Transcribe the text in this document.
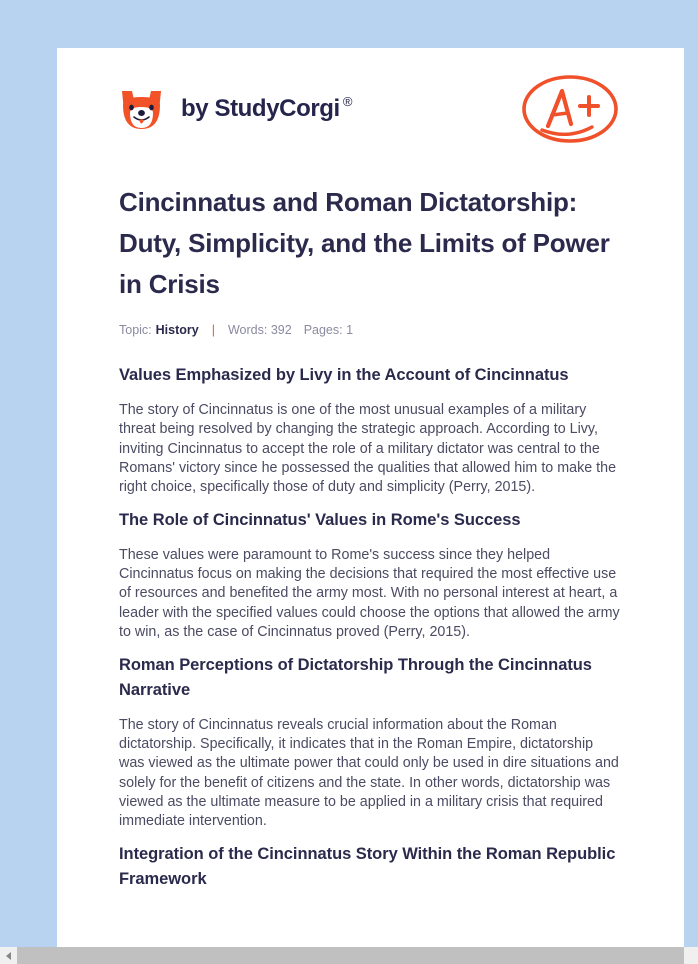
by StudyCorgi ®
Cincinnatus and Roman Dictatorship: Duty, Simplicity, and the Limits of Power in Crisis
Topic: History | Words: 392 Pages: 1
Values Emphasized by Livy in the Account of Cincinnatus

The story of Cincinnatus is one of the most unusual examples of a military threat being resolved by changing the strategic approach. According to Livy, inviting Cincinnatus to accept the role of a military dictator was central to the Romans' victory since he possessed the qualities that allowed him to make the right choice, specifically those of duty and simplicity (Perry, 2015).

The Role of Cincinnatus' Values in Rome's Success

These values were paramount to Rome's success since they helped Cincinnatus focus on making the decisions that required the most effective use of resources and benefited the army most. With no personal interest at heart, a leader with the specified values could choose the options that allowed the army to win, as the case of Cincinnatus proved (Perry, 2015).

Roman Perceptions of Dictatorship Through the Cincinnatus Narrative

The story of Cincinnatus reveals crucial information about the Roman dictatorship. Specifically, it indicates that in the Roman Empire, dictatorship was viewed as the ultimate power that could only be used in dire situations and solely for the benefit of citizens and the state. In other words, dictatorship was viewed as the ultimate measure to be applied in a military crisis that required immediate intervention.

Integration of the Cincinnatus Story Within the Roman Republic Framework
